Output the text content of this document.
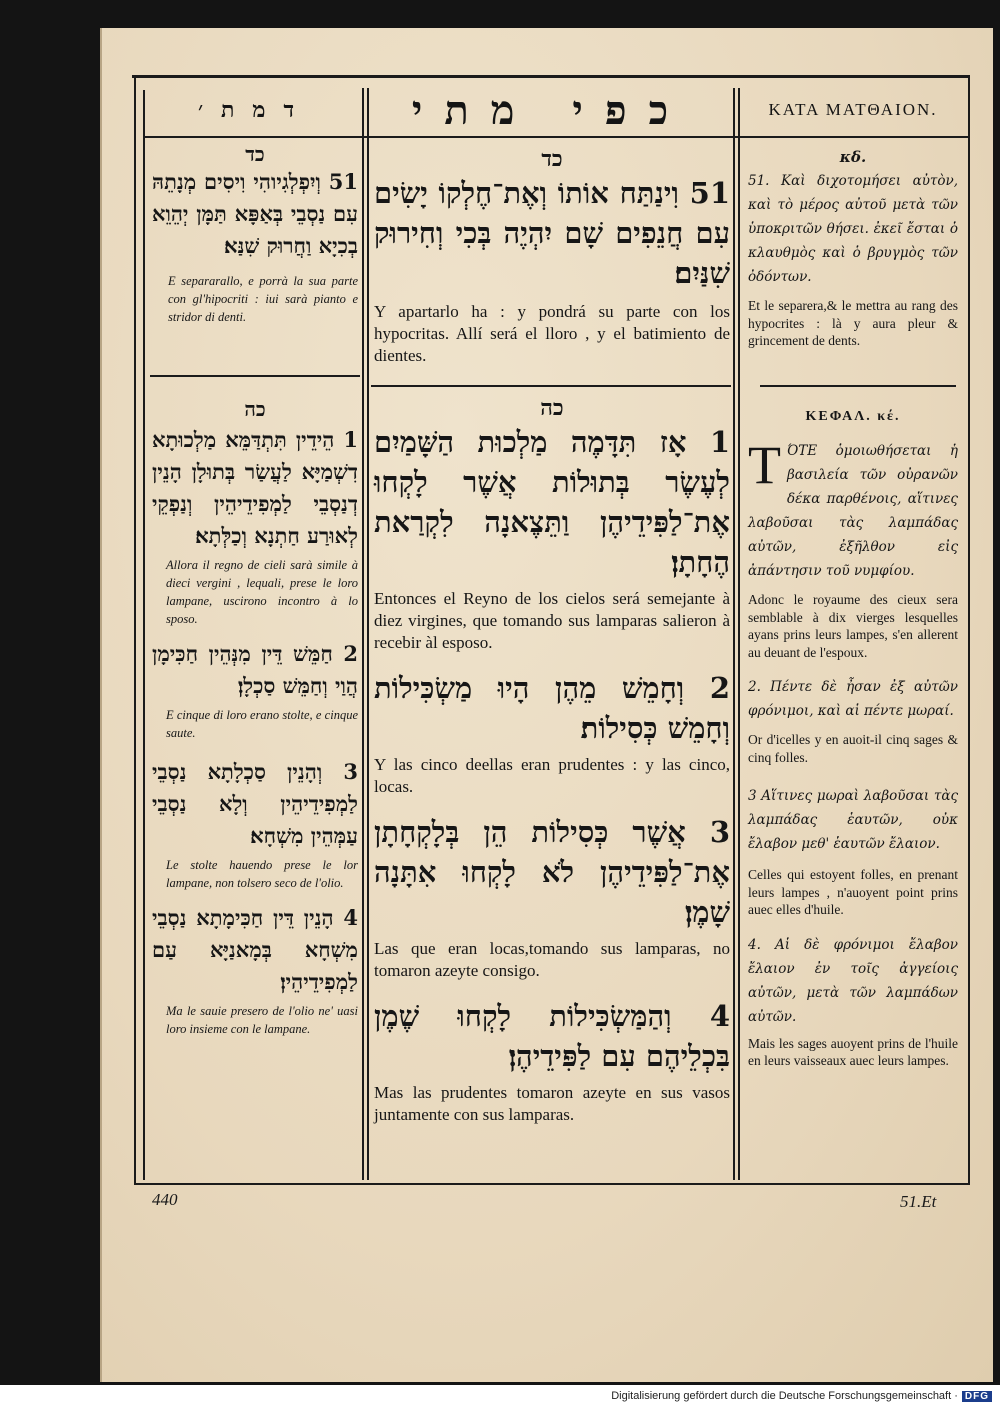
דמת׳	כפי מתי	ΚΑΤΑ ΜΑΤΘΑΙΟΝ.
כד
51 וְיִפְלְגִיוהִי וִיסִים מְנָתֵהּ עִם נַסְבֵי בְּאַפָּא תַּמָּן יְהֵוֵא בְכִיָא וַחֲרוּק שִׁנַּא׃
E separarallo, e porrà la sua parte con gl'hipocriti : iui sarà pianto e stridor di denti.
כה
1 הֵידֵין תִּתְדַּמֵּא מַלְכוּתָא דִשְׁמַיָּא לַעֲשַׂר בְּתוּלָן הָנֵין דְנַסְבֵי לַמְפִידֵיהֵין וְנַפְקֵי לְאוּרַע חַתְנָא וְכַלְּתָא׃
Allora il regno de cieli sarà simile à dieci vergini , lequali, prese le loro lampane, uscirono incontro à lo sposo.
2 חַמֵּשׁ דֵּין מִנְּהֵין חַכִּימָן הֲוַי וְחַמֵּשׁ סַכְלָן׃
E cinque di loro erano stolte, e cinque saute.
3 וְהָנֵין סַכְלָתָא נַסְבֵי לַמְפִידֵיהֵין וְלָא נַסְבֵי עַמְּהֵין מִשְׁחָא׃
Le stolte hauendo prese le lor lampane, non tolsero seco de l'olio.
4 הָנֵין דֵּין חַכִּימָתָא נַסְבֵי מִשְׁחָא בְּמָאנַיָּא עַם לַמְפִידֵיהֵין׃
Ma le sauie presero de l'olio ne' uasi loro insieme con le lampane.
כד
51 וִינַתַּח אוֹתוֹ וְאֶת־חֶלְקוֹ יָשִׂים עִם חֲנֵפִים שָׁם יִהְיֶה בְּכִי וְחִירוּק שִׁנַּיִם׃
Y apartarlo ha : y pondrá su parte con los hypocritas. Allí será el lloro , y el batimiento de dientes.
כה
1 אָז תִּדָּמֶה מַלְכוּת הַשָּׁמַיִם לְעֶשֶׂר בְּתוּלוֹת אֲשֶׁר לָקְחוּ אֶת־לַפִּידֵיהֶן וַתֵּצֶאנָה לִקְרַאת הֶחָתָן׃
Entonces el Reyno de los cielos será semejante à diez virgines, que tomando sus lamparas salieron à recebir àl esposo.
2 וְחָמֵשׁ מֵהֶן הָיוּ מַשְׂכִּילוֹת וְחָמֵשׁ כְּסִילוֹת׃
Y las cinco deellas eran prudentes : y las cinco, locas.
3 אֲשֶׁר כְּסִילוֹת הֵן בְּלָקְחָתָן אֶת־לַפִּידֵיהֶן לֹא לָקְחוּ אִתָּנָה שָׁמֶן׃
Las que eran locas,tomando sus lamparas, no tomaron azeyte consigo.
4 וְהַמַּשְׂכִּילוֹת לָקְחוּ שֶׁמֶן בִּכְלֵיהֶם עִם לַפִּידֵיהֶן׃
Mas las prudentes tomaron azeyte en sus vasos juntamente con sus lamparas.
κδ.
51. Καὶ διχοτομήσει αὐτὸν, καὶ τὸ μέρος αὐτοῦ μετὰ τῶν ὑποκριτῶν θήσει. ἐκεῖ ἔσται ὁ κλαυθμὸς καὶ ὁ βρυγμὸς τῶν ὀδόντων.
Et le separera,& le mettra au rang des hypocrites : là y aura pleur & grincement de dents.
ΚΕΦΑΛ. κέ.
Τ ΌΤΕ ὁμοιωθήσεται ἡ βασιλεία τῶν οὐρανῶν δέκα παρθένοις, αἵτινες λαβοῦσαι τὰς λαμπάδας αὐτῶν, ἐξῆλθον εἰς ἀπάντησιν τοῦ νυμφίου.
Adonc le royaume des cieux sera semblable à dix vierges lesquelles ayans prins leurs lampes, s'en allerent au deuant de l'espoux.
2. Πέντε δὲ ἦσαν ἐξ αὐτῶν φρόνιμοι, καὶ αἱ πέντε μωραί.
Or d'icelles y en auoit-il cinq sages & cinq folles.
3 Αἵτινες μωραὶ λαβοῦσαι τὰς λαμπάδας ἑαυτῶν, οὐκ ἔλαβον μεθ' ἑαυτῶν ἔλαιον.
Celles qui estoyent folles, en prenant leurs lampes , n'auoyent point prins auec elles d'huile.
4. Αἱ δὲ φρόνιμοι ἔλαβον ἔλαιον ἐν τοῖς ἀγγείοις αὐτῶν, μετὰ τῶν λαμπάδων αὐτῶν.
Mais les sages auoyent prins de l'huile en leurs vaisseaux auec leurs lampes.
440	51.Et
Digitalisierung gefördert durch die Deutsche Forschungsgemeinschaft · DFG
